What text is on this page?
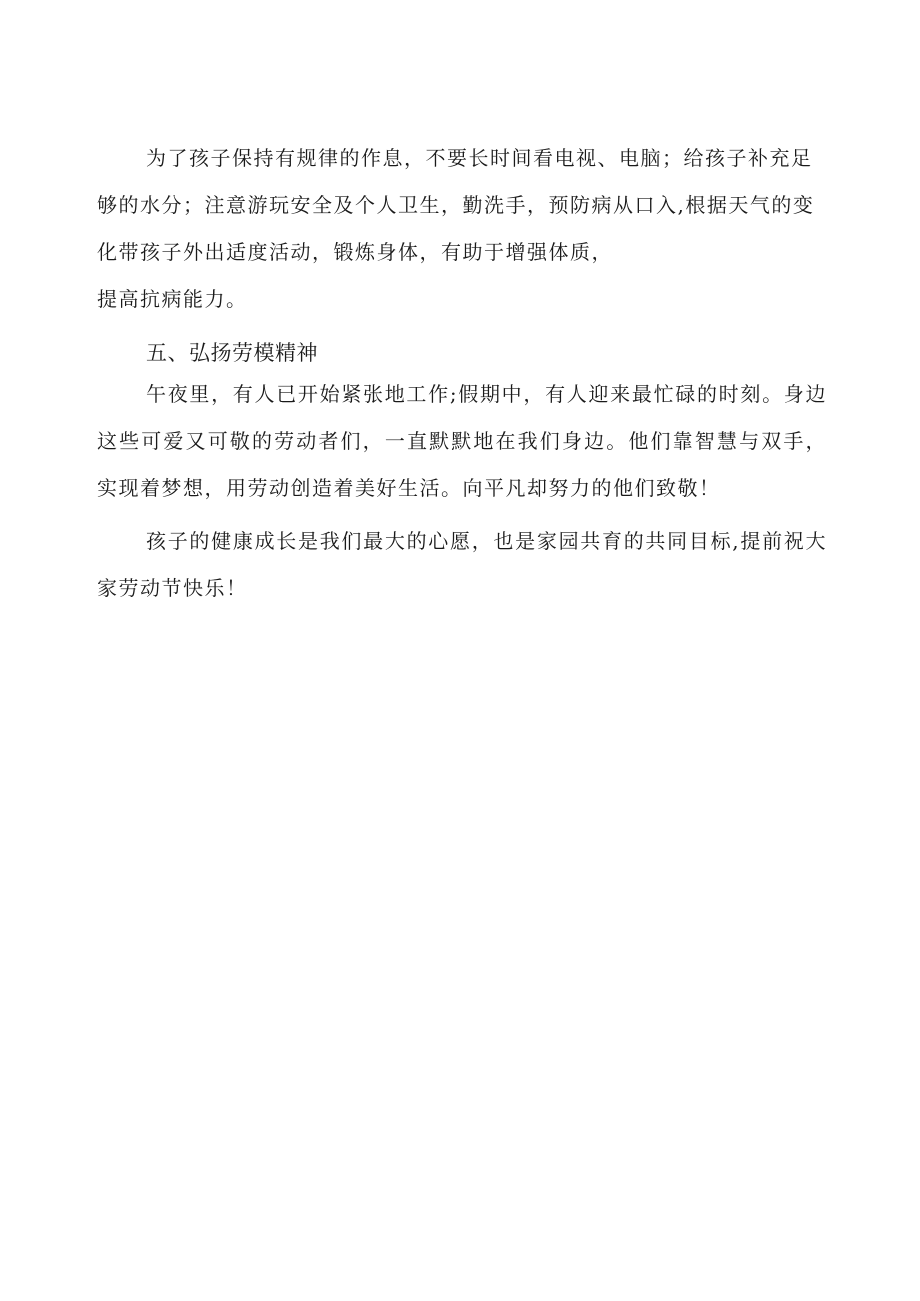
为了孩子保持有规律的作息，不要长时间看电视、电脑；给孩子补充足
够的水分；注意游玩安全及个人卫生，勤洗手，预防病从口入,根据天气的变
化带孩子外出适度活动，锻炼身体，有助于增强体质，

提高抗病能力。

五、弘扬劳模精神

午夜里，有人已开始紧张地工作;假期中，有人迎来最忙碌的时刻。身边这些可爱又可敬的劳动者们，一直默默地在我们身边。他们靠智慧与双手，实现着梦想，用劳动创造着美好生活。向平凡却努力的他们致敬！

孩子的健康成长是我们最大的心愿，也是家园共育的共同目标,提前祝大家劳动节快乐！
